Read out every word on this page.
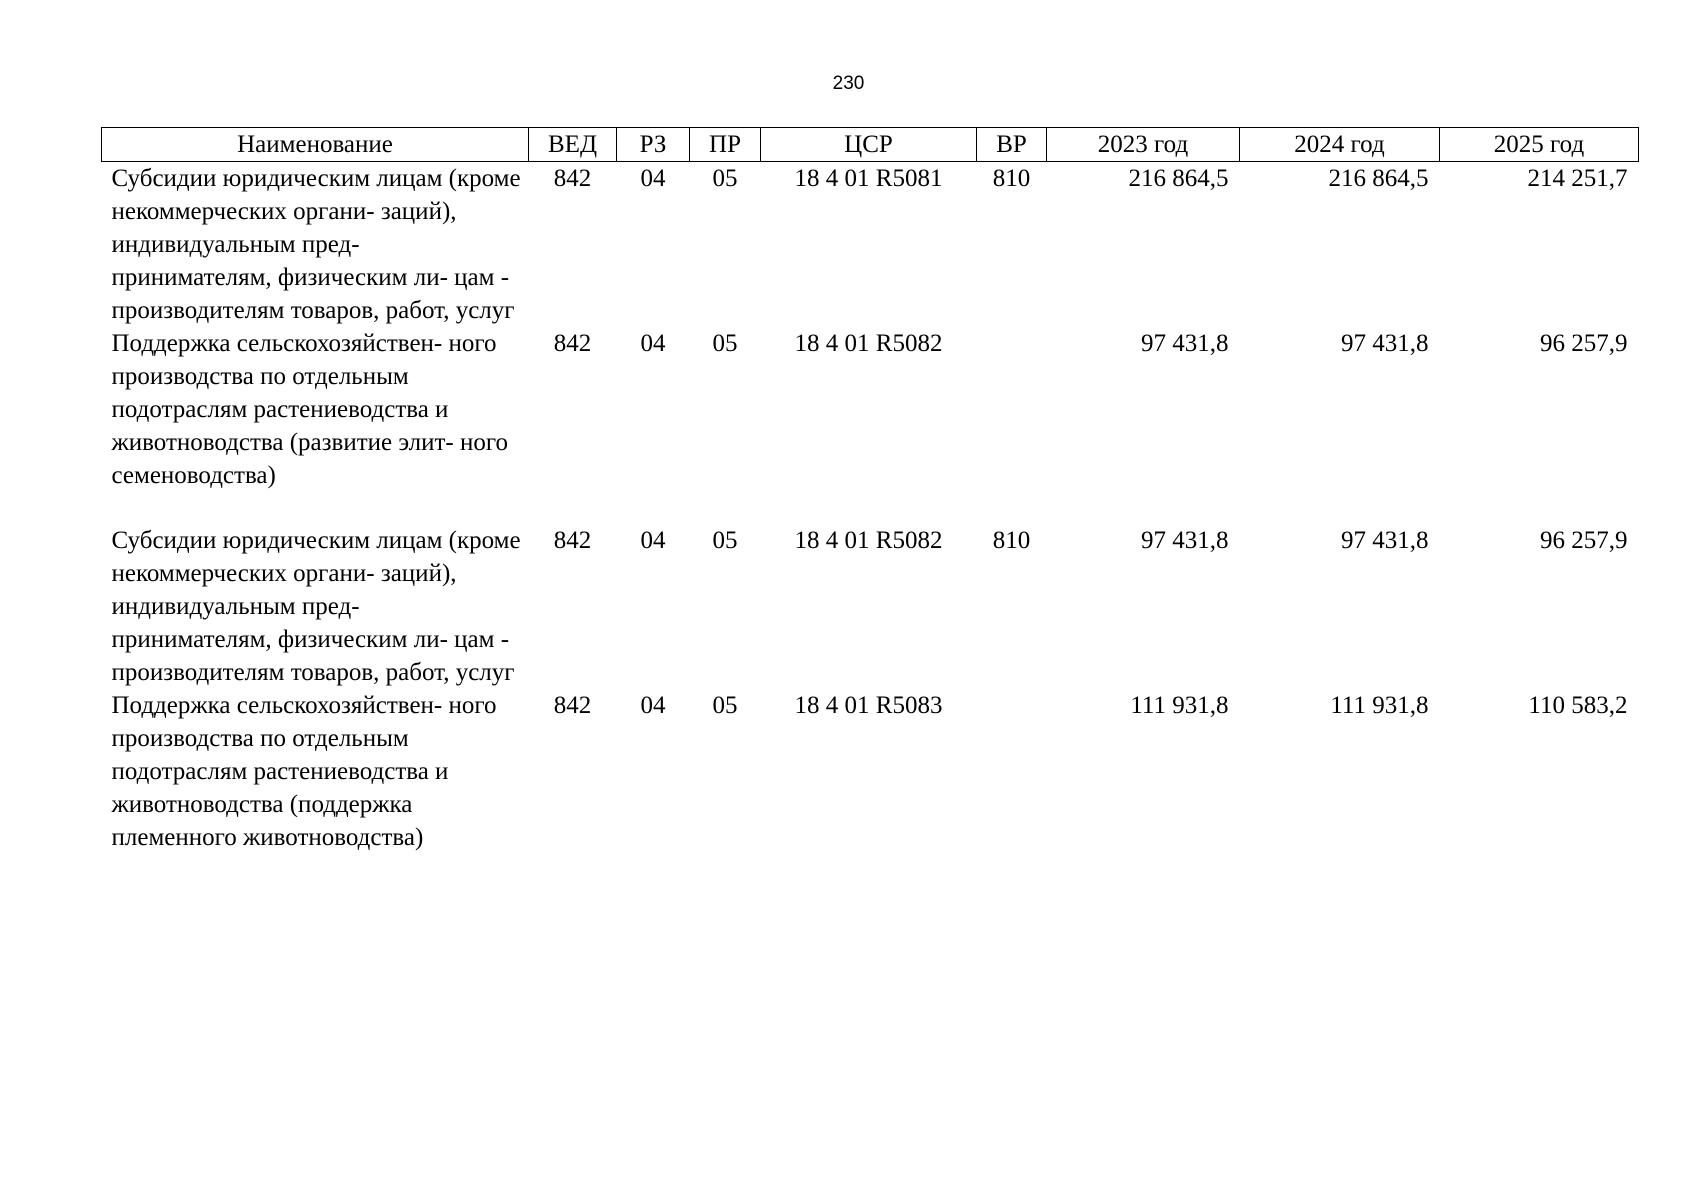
230
Наименование	ВЕД	РЗ	ПР	ЦСР	ВР	2023 год	2024 год	2025 год
Субсидии юридическим лицам (кроме некоммерческих органи- заций), индивидуальным пред- принимателям, физическим ли- цам - производителям товаров, работ, услуг	842	04	05	18 4 01 R5081	810	216 864,5	216 864,5	214 251,7
Поддержка сельскохозяйствен- ного производства по отдельным подотраслям растениеводства и животноводства (развитие элит- ного семеноводства)	842	04	05	18 4 01 R5082		97 431,8	97 431,8	96 257,9

Субсидии юридическим лицам (кроме некоммерческих органи- заций), индивидуальным пред- принимателям, физическим ли- цам - производителям товаров, работ, услуг	842	04	05	18 4 01 R5082	810	97 431,8	97 431,8	96 257,9
Поддержка сельскохозяйствен- ного производства по отдельным подотраслям растениеводства и животноводства (поддержка племенного животноводства)	842	04	05	18 4 01 R5083		111 931,8	111 931,8	110 583,2
